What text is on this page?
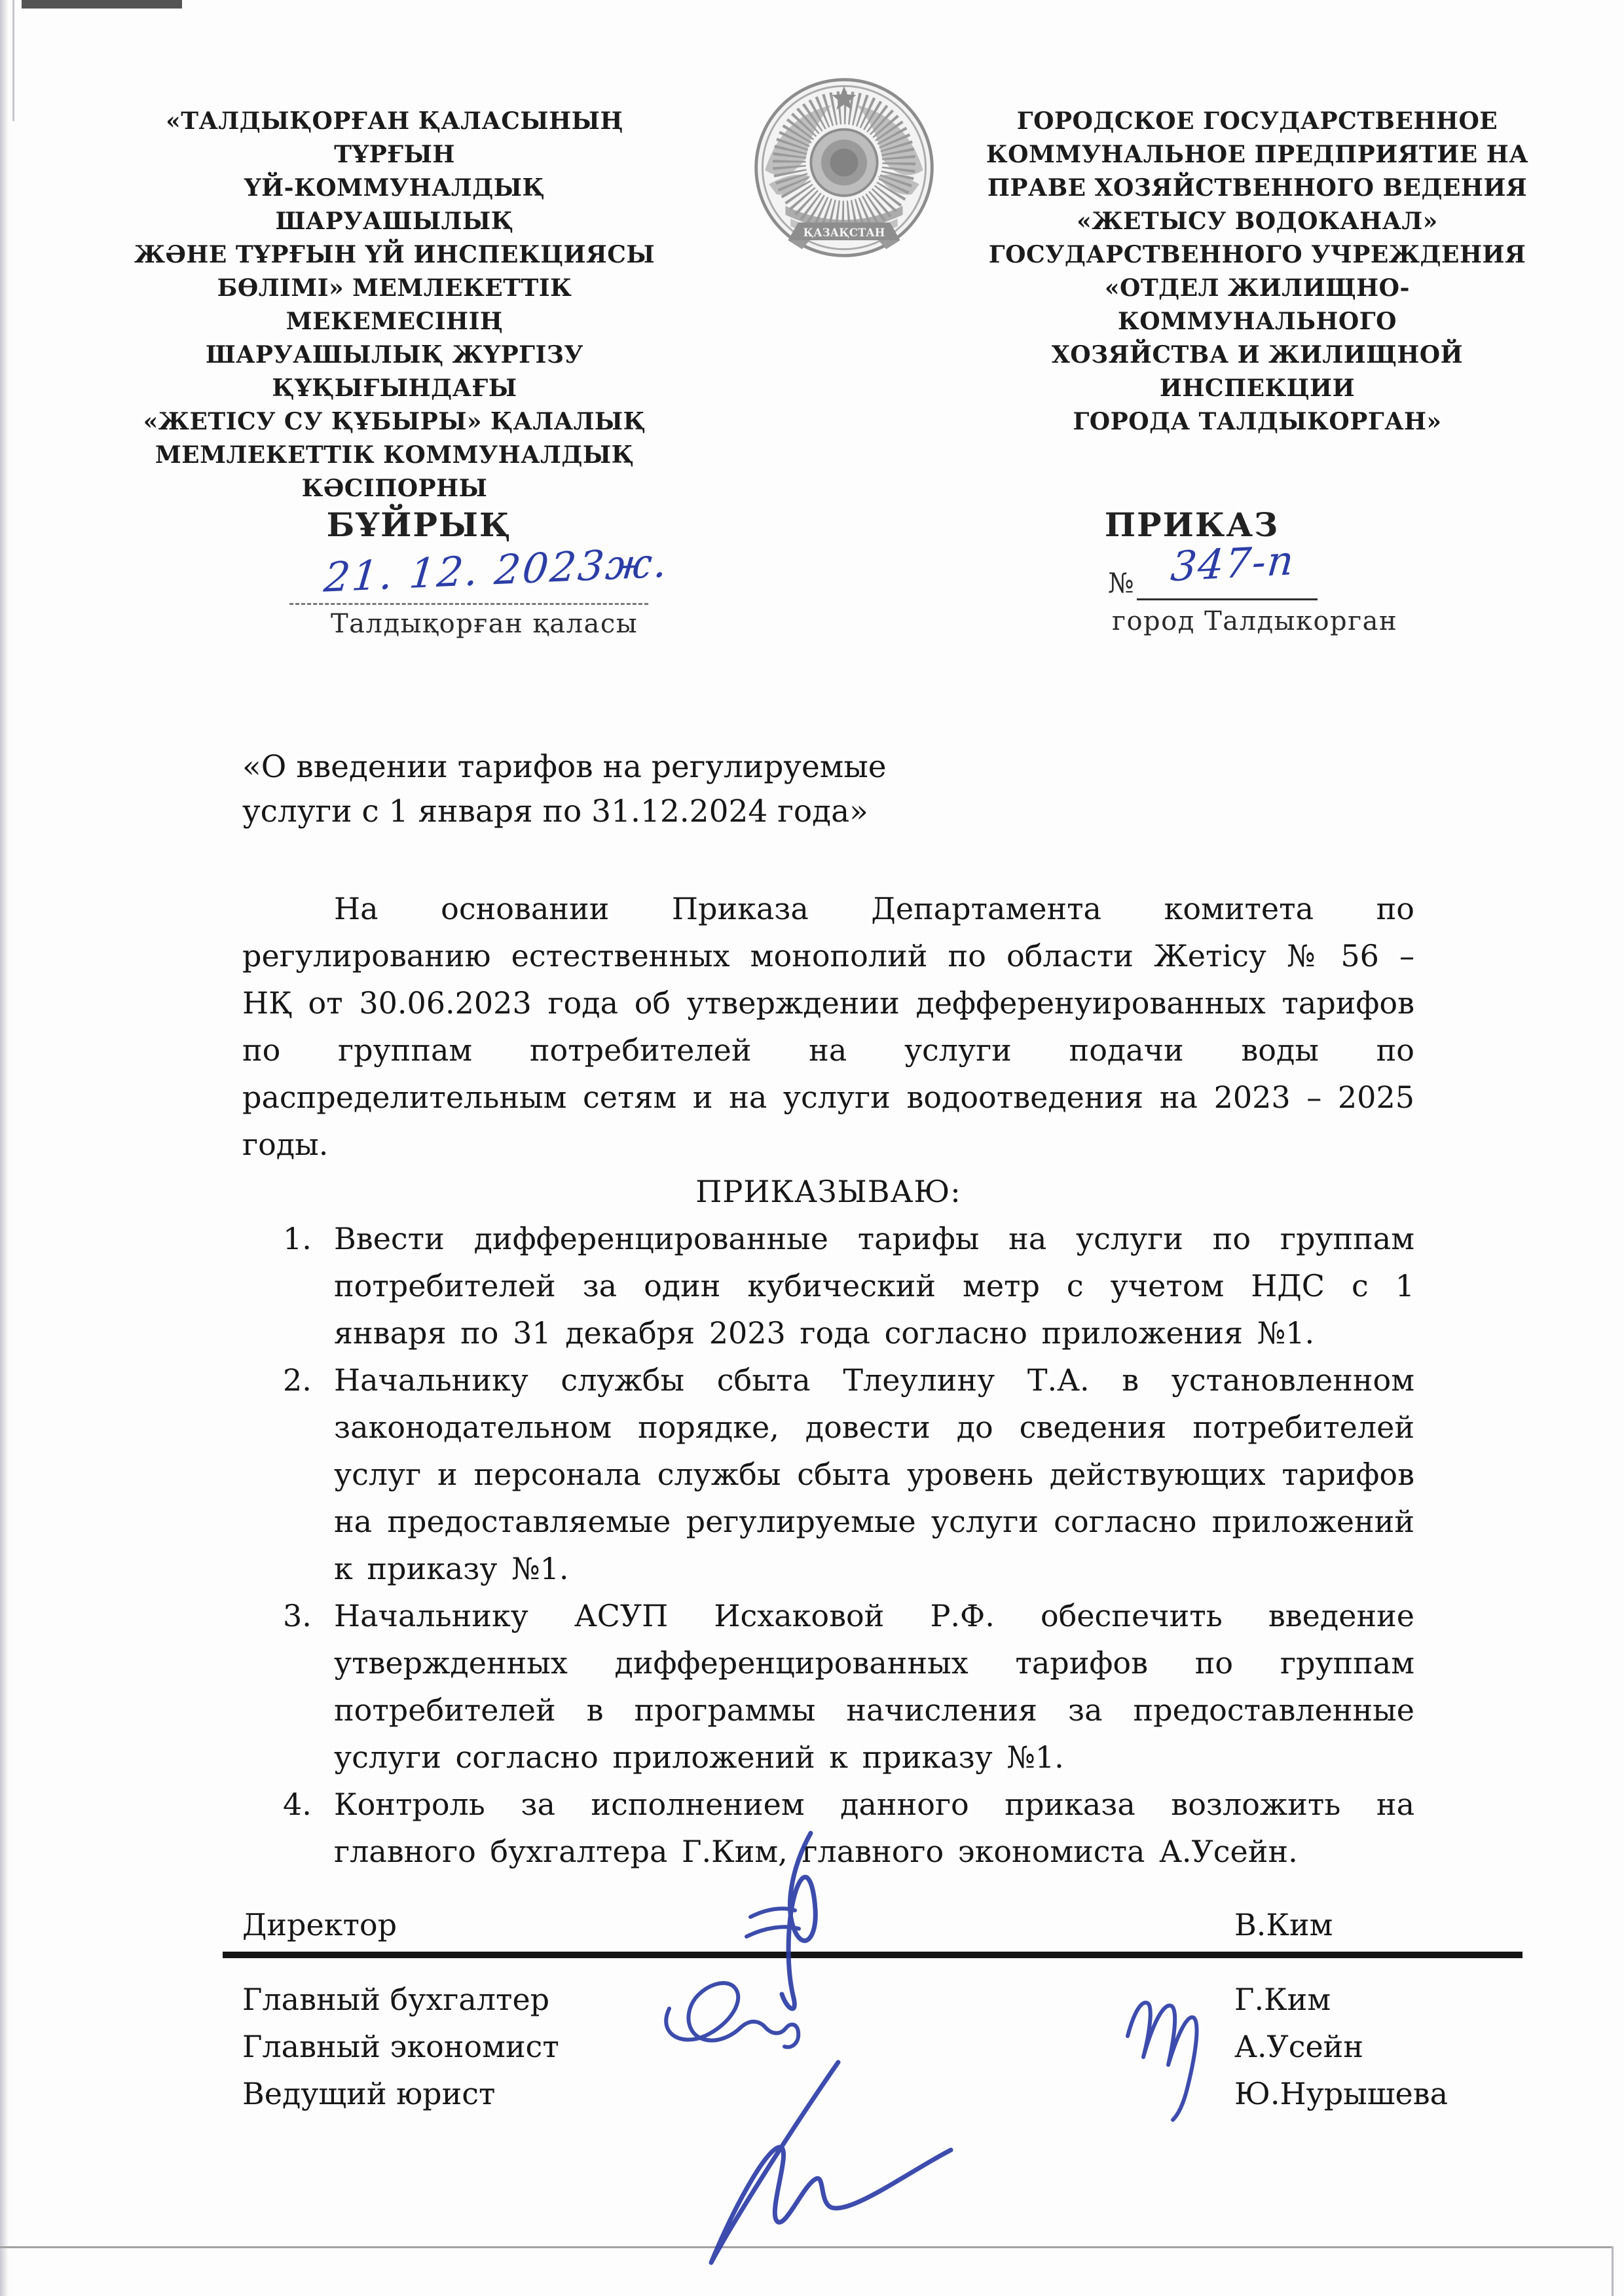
«ТАЛДЫҚОРҒАН ҚАЛАСЫНЫҢ ТҰРҒЫН
ҮЙ-КОММУНАЛДЫҚ ШАРУАШЫЛЫҚ
ЖӘНЕ ТҰРҒЫН ҮЙ ИНСПЕКЦИЯСЫ
БӨЛІМІ» МЕМЛЕКЕТТІК МЕКЕМЕСІНІҢ
ШАРУАШЫЛЫҚ ЖҮРГІЗУ ҚҰҚЫҒЫНДАҒЫ
«ЖЕТІСУ СУ ҚҰБЫРЫ» ҚАЛАЛЫҚ
МЕМЛЕКЕТТІК КОММУНАЛДЫҚ
КӘСІПОРНЫ
ҚАЗАҚСТАН
ГОРОДСКОЕ ГОСУДАРСТВЕННОЕ
КОММУНАЛЬНОЕ ПРЕДПРИЯТИЕ НА
ПРАВЕ ХОЗЯЙСТВЕННОГО ВЕДЕНИЯ
«ЖЕТЫСУ ВОДОКАНАЛ»
ГОСУДАРСТВЕННОГО УЧРЕЖДЕНИЯ
«ОТДЕЛ ЖИЛИЩНО-КОММУНАЛЬНОГО
ХОЗЯЙСТВА И ЖИЛИЩНОЙ ИНСПЕКЦИИ
ГОРОДА ТАЛДЫКОРГАН»
БҰЙРЫҚ
21. 12. 2023ж.
Талдықорған қаласы
ПРИКАЗ
№ 347-п
город Талдыкорган
«О введении тарифов на регулируемые
услуги с 1 января по 31.12.2024 года»
На основании Приказа Департамента комитета по регулированию естественных монополий по области Жетісу № 56 – НҚ от 30.06.2023 года об утверждении дефференуированных тарифов по группам потребителей на услуги подачи воды по распределительным сетям и на услуги водоотведения на 2023 – 2025 годы.
ПРИКАЗЫВАЮ:
1. Ввести дифференцированные тарифы на услуги по группам потребителей за один кубический метр с учетом НДС с 1 января по 31 декабря 2023 года согласно приложения №1.
2. Начальнику службы сбыта Тлеулину Т.А. в установленном законодательном порядке, довести до сведения потребителей услуг и персонала службы сбыта уровень действующих тарифов на предоставляемые регулируемые услуги согласно приложений к приказу №1.
3. Начальнику АСУП Исхаковой Р.Ф. обеспечить введение утвержденных дифференцированных тарифов по группам потребителей в программы начисления за предоставленные услуги согласно приложений к приказу №1.
4. Контроль за исполнением данного приказа возложить на главного бухгалтера Г.Ким, главного экономиста А.Усейн.
Директор	В.Ким
Главный бухгалтер	Г.Ким
Главный экономист	А.Усейн
Ведущий юрист	Ю.Нурышева
